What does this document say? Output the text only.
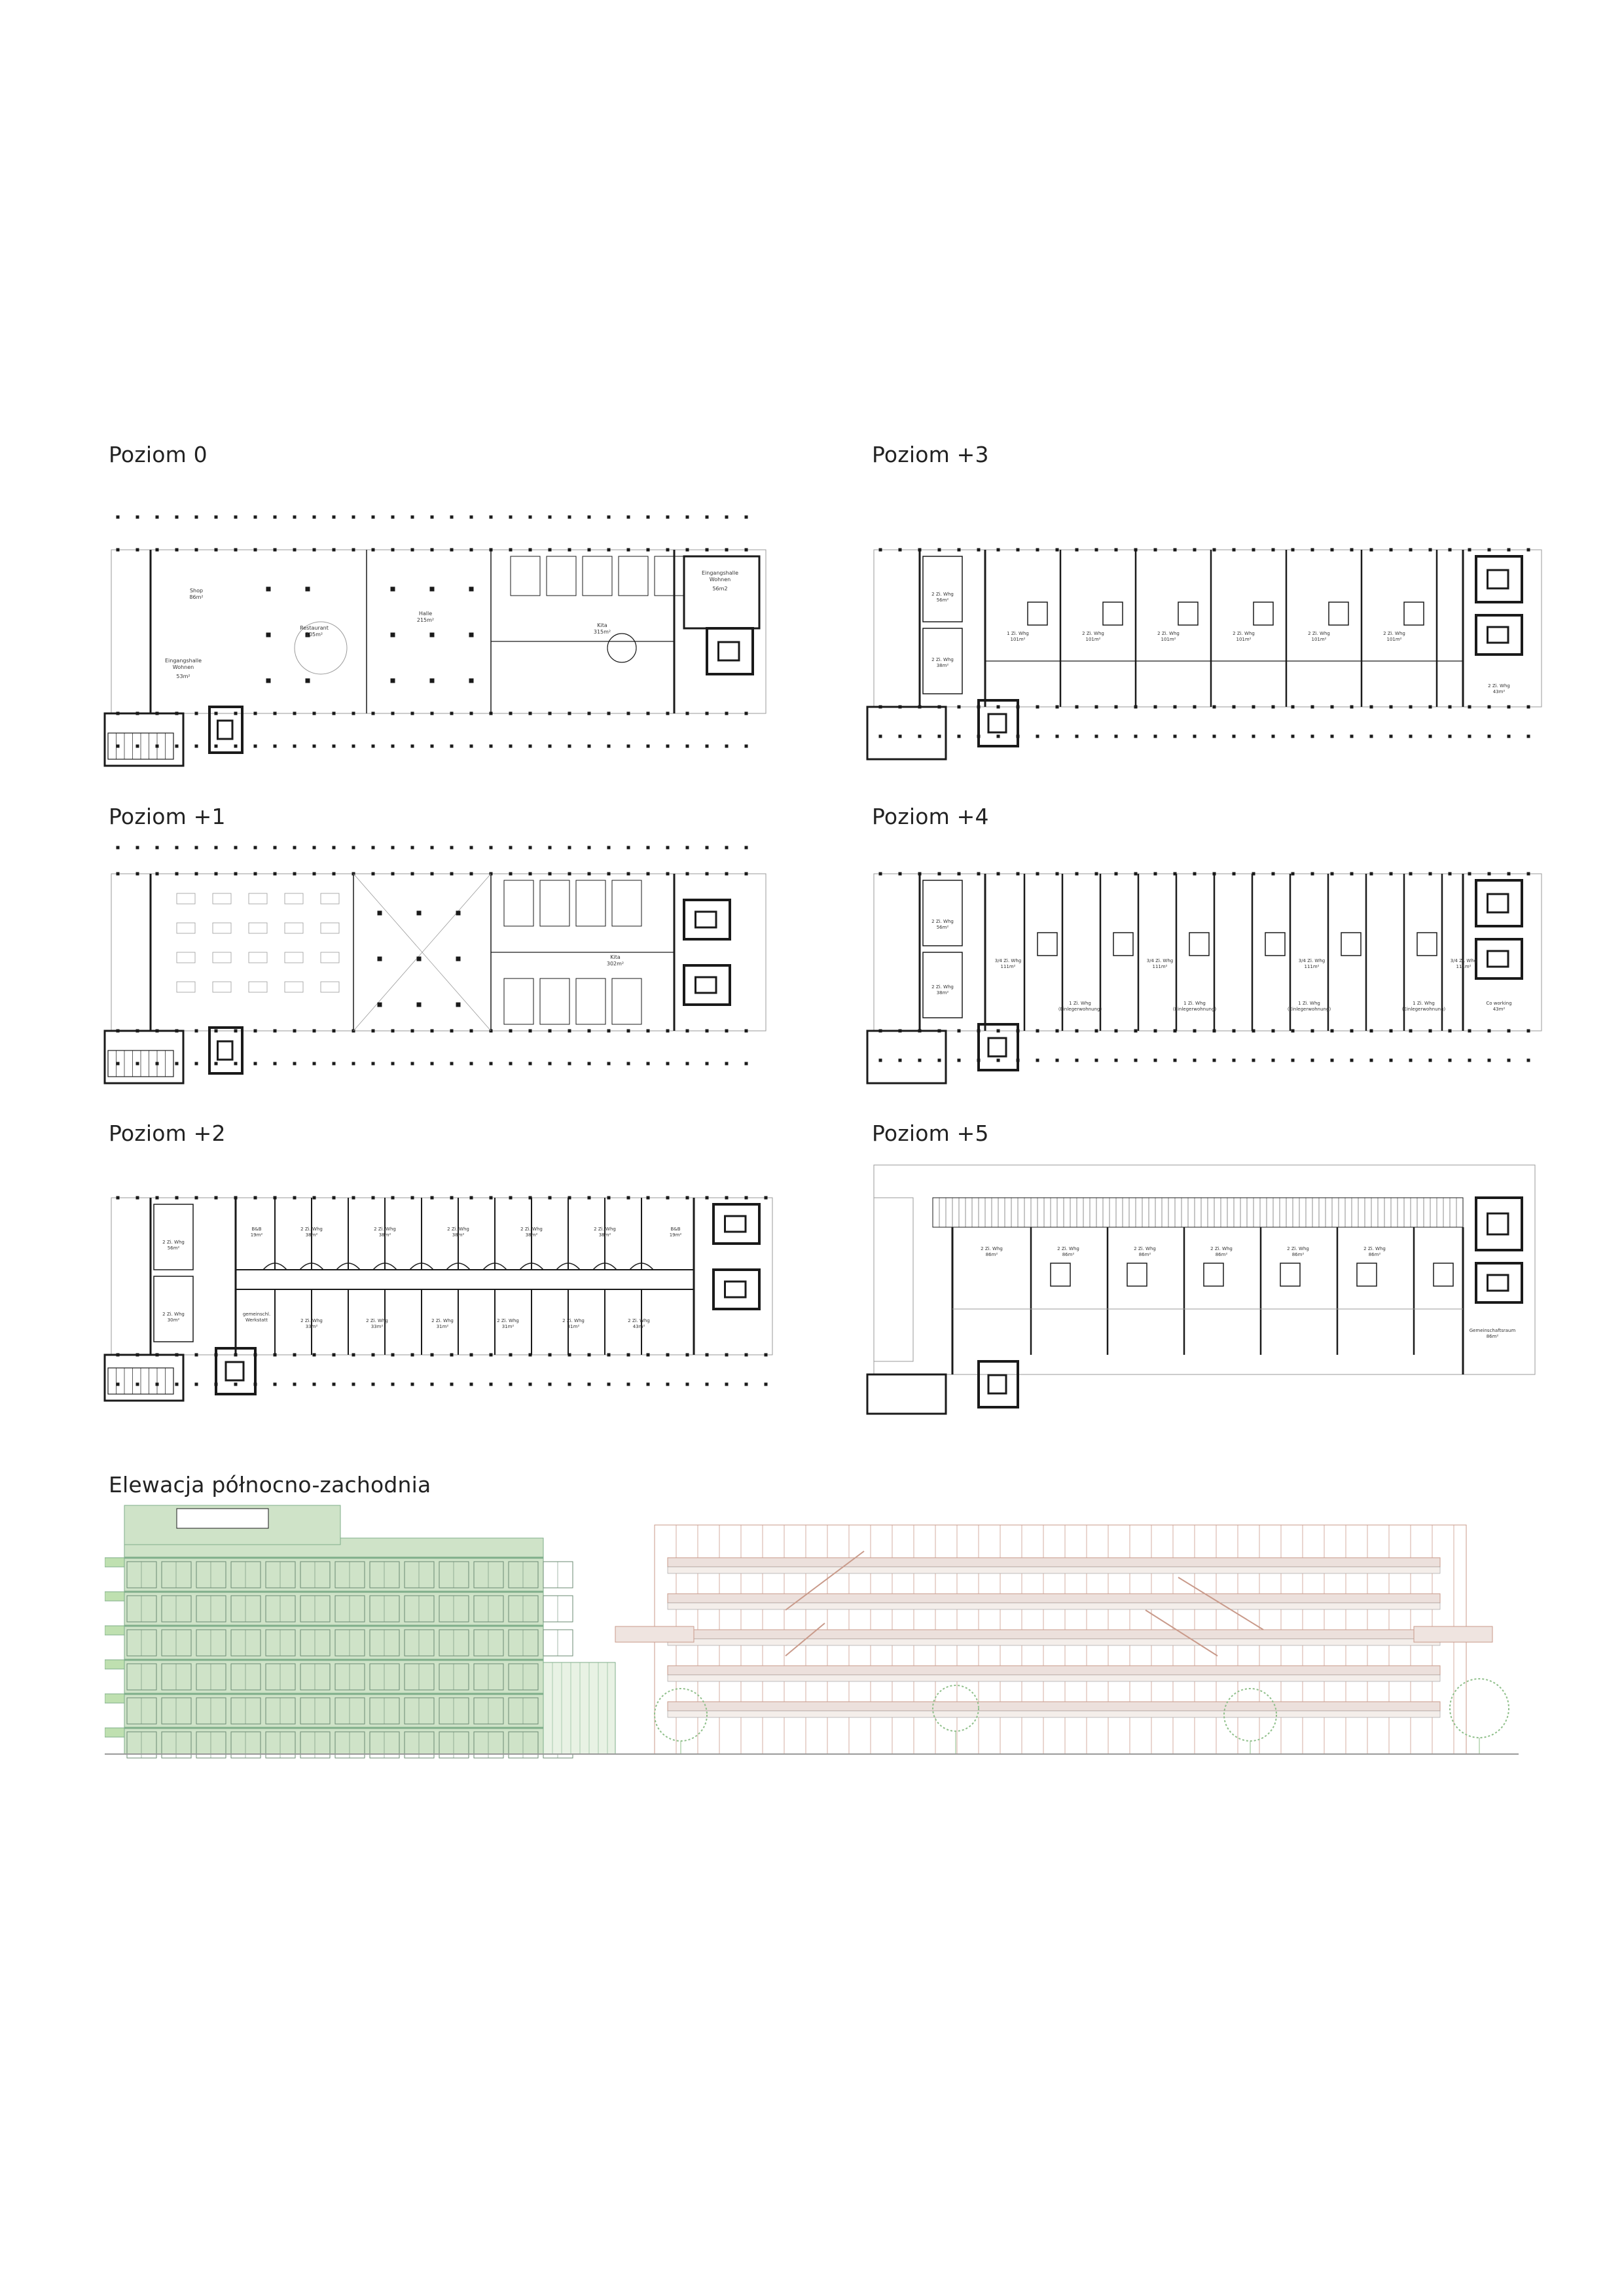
Poziom 0	Poziom +3
Poziom +1	Poziom +4
Poziom +2	Poziom +5
Elewacja północno-zachodnia
Shop 86m²
Restaurant 105m²
Halle 215m²
Kita 315m²
Eingangshalle Wohnen
Eingangshalle Wohnen
53m²
56m2
Kita 302m²
2 Zi. Whg 56m²
2 Zi. Whg 30m²
B&B 19m²
2 Zi. Whg 38m²
2 Zi. Whg 38m²
2 Zi. Whg 38m²
2 Zi. Whg 38m²
2 Zi. Whg 38m²
B&B 19m²
gemeinschl. Werkstatt	2 Zi. Whg 33m²
2 Zi. Whg 33m²
2 Zi. Whg 31m²
2 Zi. Whg 31m²
2 Zi. Whg 31m²
2 Zi. Whg 43m²
2 Zi. Whg 56m²
2 Zi. Whg 38m²
1 Zi. Whg 101m²
2 Zi. Whg 101m²
2 Zi. Whg 101m²
2 Zi. Whg 101m²
2 Zi. Whg 101m²
2 Zi. Whg 101m²
2 Zi. Whg 43m²
2 Zi. Whg 56m²
2 Zi. Whg 38m²
3/4 Zi. Whg 111m²
3/4 Zi. Whg 111m²
3/4 Zi. Whg 111m²
3/4 Zi. Whg 111m²
1 Zi. Whg (Einlegerwohnung)
1 Zi. Whg (Einlegerwohnung)
1 Zi. Whg (Einlegerwohnung)
1 Zi. Whg (Einlegerwohnung)
Co working 43m²
2 Zi. Whg 86m²
2 Zi. Whg 86m²
2 Zi. Whg 86m²
2 Zi. Whg 86m²
2 Zi. Whg 86m²
2 Zi. Whg 86m²
Gemeinschaftsraum 86m²
